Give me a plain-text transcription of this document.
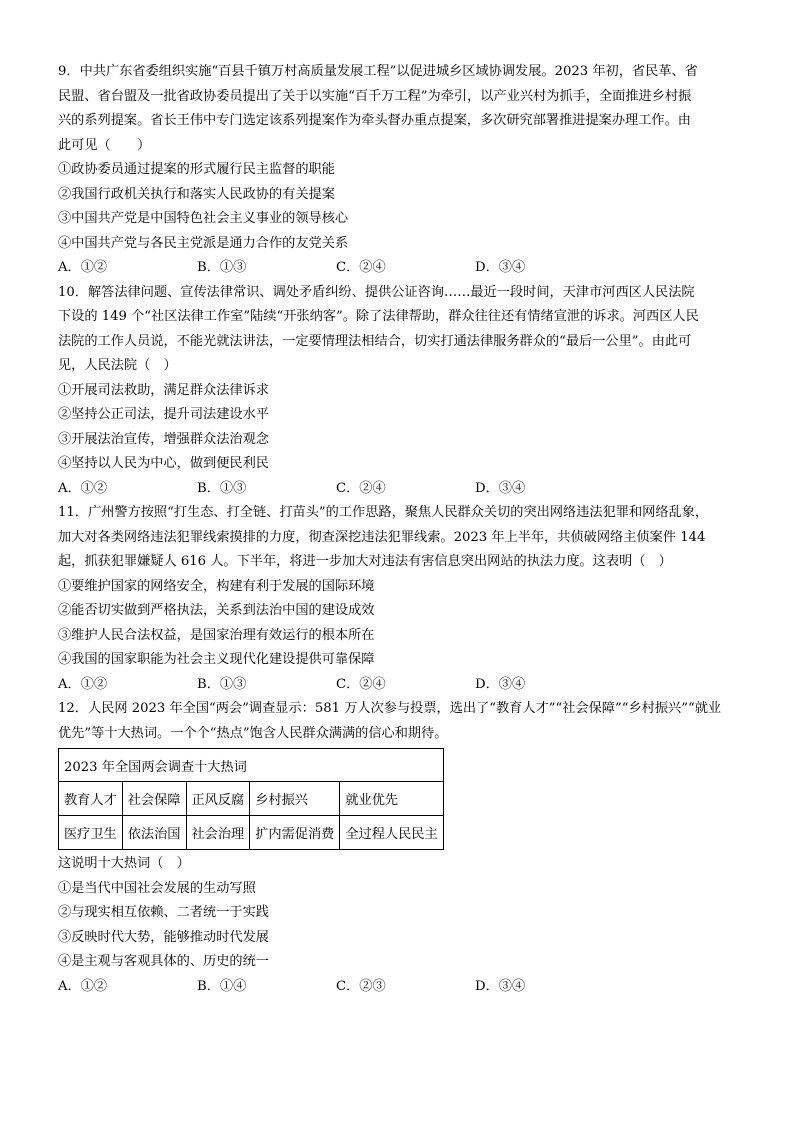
9．中共广东省委组织实施“百县千镇万村高质量发展工程”以促进城乡区域协调发展。2023 年初，省民革、省
民盟、省台盟及一批省政协委员提出了关于以实施“百千万工程”为牵引，以产业兴村为抓手，全面推进乡村振
兴的系列提案。省长王伟中专门选定该系列提案作为牵头督办重点提案，多次研究部署推进提案办理工作。由
此可见（　　）
①政协委员通过提案的形式履行民主监督的职能
②我国行政机关执行和落实人民政协的有关提案
③中国共产党是中国特色社会主义事业的领导核心
④中国共产党与各民主党派是通力合作的友党关系
A．①②	B．①③	C．②④	D．③④
10．解答法律问题、宣传法律常识、调处矛盾纠纷、提供公证咨询……最近一段时间，天津市河西区人民法院
下设的 149 个“社区法律工作室”陆续“开张纳客”。除了法律帮助，群众往往还有情绪宣泄的诉求。河西区人民
法院的工作人员说，不能光就法讲法，一定要情理法相结合，切实打通法律服务群众的“最后一公里”。由此可
见，人民法院（　）
①开展司法救助，满足群众法律诉求
②坚持公正司法，提升司法建设水平
③开展法治宣传，增强群众法治观念
④坚持以人民为中心，做到便民利民
A．①②	B．①③	C．②④	D．③④
11．广州警方按照“打生态、打全链、打苗头”的工作思路，聚焦人民群众关切的突出网络违法犯罪和网络乱象，
加大对各类网络违法犯罪线索摸排的力度，彻查深挖违法犯罪线索。2023 年上半年，共侦破网络主侦案件 144
起，抓获犯罪嫌疑人 616 人。下半年，将进一步加大对违法有害信息突出网站的执法力度。这表明（　）
①要维护国家的网络安全，构建有利于发展的国际环境
②能否切实做到严格执法，关系到法治中国的建设成效
③维护人民合法权益，是国家治理有效运行的根本所在
④我国的国家职能为社会主义现代化建设提供可靠保障
A．①②	B．①③	C．②④	D．③④
12．人民网 2023 年全国“两会”调查显示：581 万人次参与投票，选出了“教育人才”“社会保障”“乡村振兴”“就业
优先”等十大热词。一个个“热点”饱含人民群众满满的信心和期待。
2023 年全国两会调查十大热词				
教育人才	社会保障	正风反腐	乡村振兴	就业优先
医疗卫生	依法治国	社会治理	扩内需促消费	全过程人民民主
这说明十大热词（　）
①是当代中国社会发展的生动写照
②与现实相互依赖、二者统一于实践
③反映时代大势，能够推动时代发展
④是主观与客观具体的、历史的统一
A．①②	B．①④	C．②③	D．③④
